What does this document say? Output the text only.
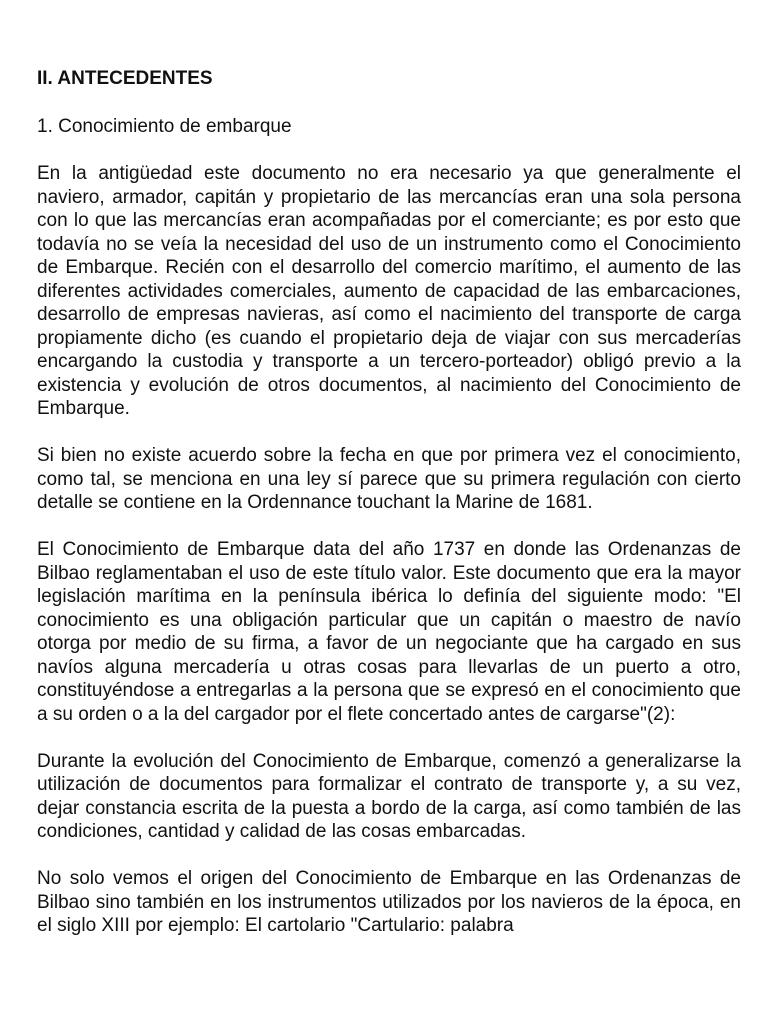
II. ANTECEDENTES
1. Conocimiento de embarque

En la antigüedad este documento no era necesario ya que generalmente el naviero, armador, capitán y propietario de las mercancías eran una sola persona con lo que las mercancías eran acompañadas por el comerciante; es por esto que todavía no se veía la necesidad del uso de un instrumento como el Conocimiento de Embarque. Recién con el desarrollo del comercio marítimo, el aumento de las diferentes actividades comerciales, aumento de capacidad de las embarcaciones, desarrollo de empresas navieras, así como el nacimiento del transporte de carga propiamente dicho (es cuando el propietario deja de viajar con sus mercaderías encargando la custodia y transporte a un tercero-porteador) obligó previo a la existencia y evolución de otros documentos, al nacimiento del Conocimiento de Embarque.

Si bien no existe acuerdo sobre la fecha en que por primera vez el conocimiento, como tal, se menciona en una ley sí parece que su primera regulación con cierto detalle se contiene en la Ordennance touchant la Marine de 1681.

El Conocimiento de Embarque data del año 1737 en donde las Ordenanzas de Bilbao reglamentaban el uso de este título valor. Este documento que era la mayor legislación marítima en la península ibérica lo definía del siguiente modo: "El conocimiento es una obligación particular que un capitán o maestro de navío otorga por medio de su firma, a favor de un negociante que ha cargado en sus navíos alguna mercadería u otras cosas para llevarlas de un puerto a otro, constituyéndose a entregarlas a la persona que se expresó en el conocimiento que a su orden o a la del cargador por el flete concertado antes de cargarse"(2):

Durante la evolución del Conocimiento de Embarque, comenzó a generalizarse la utilización de documentos para formalizar el contrato de transporte y, a su vez, dejar constancia escrita de la puesta a bordo de la carga, así como también de las condiciones, cantidad y calidad de las cosas embarcadas.

No solo vemos el origen del Conocimiento de Embarque en las Ordenanzas de Bilbao sino también en los instrumentos utilizados por los navieros de la época, en el siglo XIII por ejemplo: El cartolario "Cartulario: palabra
